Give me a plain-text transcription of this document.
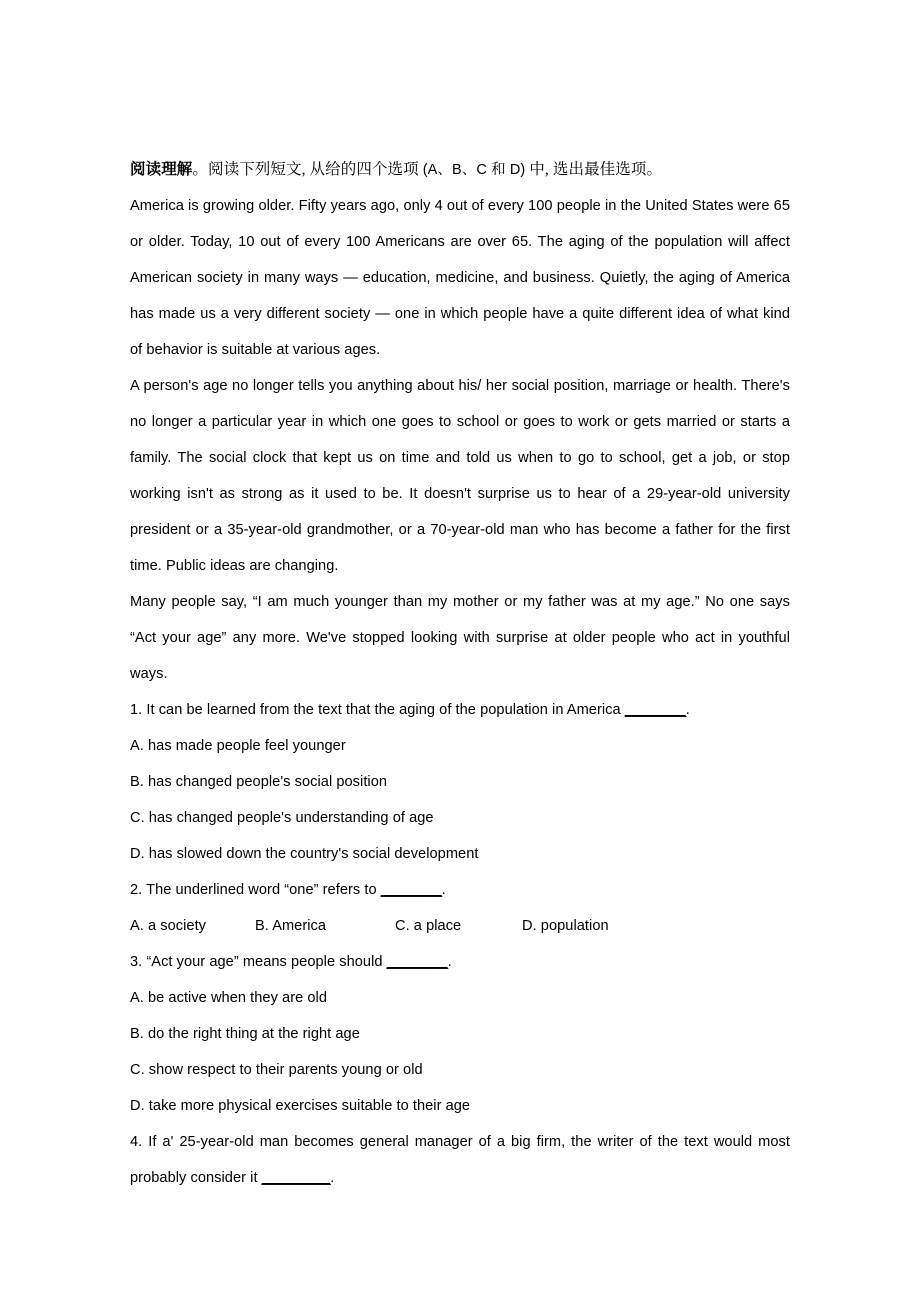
阅读理解。阅读下列短文, 从给的四个选项 (A、B、C 和 D) 中, 选出最佳选项。

America is growing older. Fifty years ago, only 4 out of every 100 people in the United States were 65 or older. Today, 10 out of every 100 Americans are over 65. The aging of the population will affect American society in many ways — education, medicine, and business. Quietly, the aging of America has made us a very different society — one in which people have a quite different idea of what kind of behavior is suitable at various ages.

A person's age no longer tells you anything about his/ her social position, marriage or health. There's no longer a particular year in which one goes to school or goes to work or gets married or starts a family. The social clock that kept us on time and told us when to go to school, get a job, or stop working isn't as strong as it used to be. It doesn't surprise us to hear of a 29-year-old university president or a 35-year-old grandmother, or a 70-year-old man who has become a father for the first time. Public ideas are changing.

Many people say, “I am much younger than my mother or my father was at my age.” No one says “Act your age” any more. We've stopped looking with surprise at older people who act in youthful ways.

1. It can be learned from the text that the aging of the population in America ________.

A. has made people feel younger

B. has changed people's social position

C. has changed people's understanding of age

D. has slowed down the country's social development

2. The underlined word “one” refers to ________.

A. a society	B. America	C. a place	D. population

3. “Act your age” means people should ________.

A. be active when they are old

B. do the right thing at the right age

C. show respect to their parents young or old

D. take more physical exercises suitable to their age

4. If a' 25-year-old man becomes general manager of a big firm, the writer of the text would most probably consider it _________.
